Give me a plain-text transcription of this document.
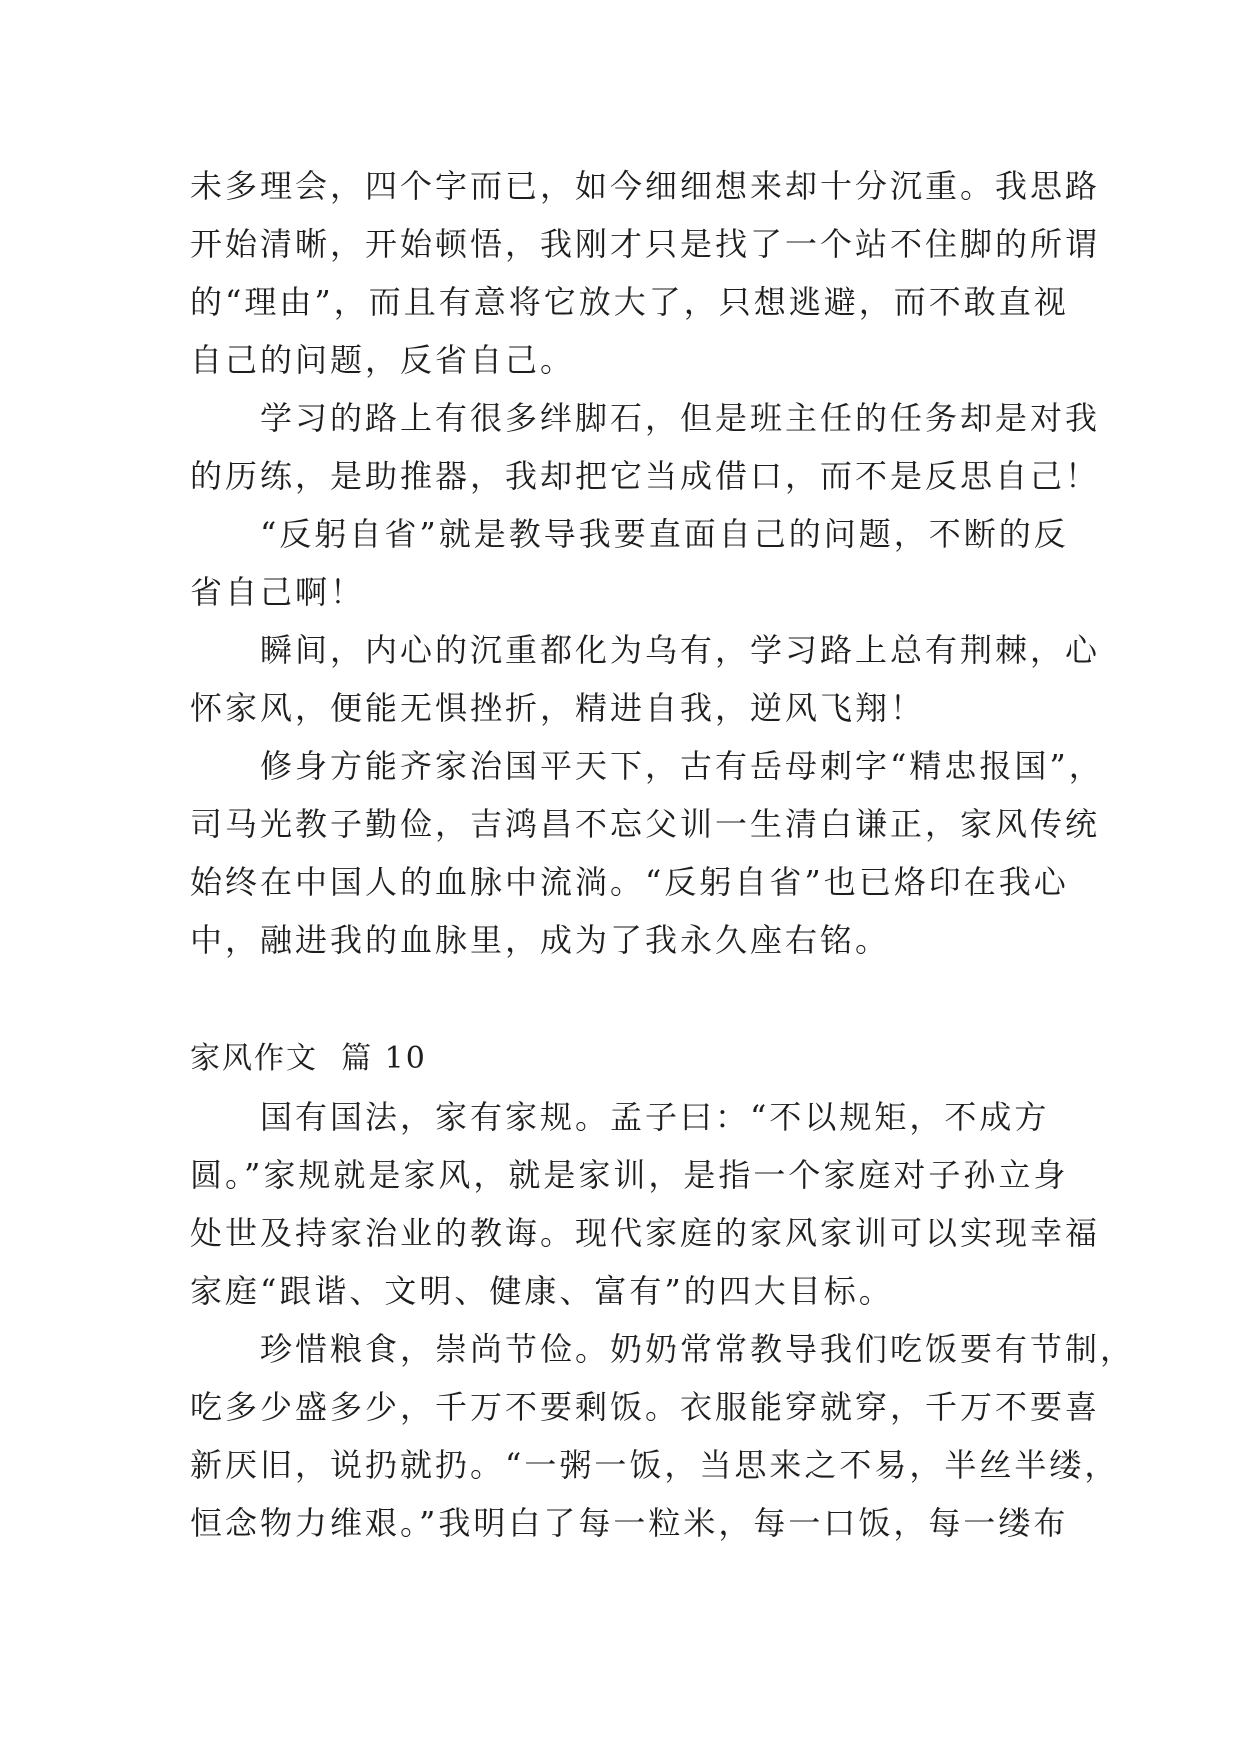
未多理会，四个字而已，如今细细想来却十分沉重。我思路
开始清晰，开始顿悟，我刚才只是找了一个站不住脚的所谓
的“理由”，而且有意将它放大了，只想逃避，而不敢直视
自己的问题，反省自己。
　　学习的路上有很多绊脚石，但是班主任的任务却是对我
的历练，是助推器，我却把它当成借口，而不是反思自己！
　　“反躬自省”就是教导我要直面自己的问题，不断的反
省自己啊！
　　瞬间，内心的沉重都化为乌有，学习路上总有荆棘，心
怀家风，便能无惧挫折，精进自我，逆风飞翔！
　　修身方能齐家治国平天下，古有岳母刺字“精忠报国”，
司马光教子勤俭，吉鸿昌不忘父训一生清白谦正，家风传统
始终在中国人的血脉中流淌。“反躬自省”也已烙印在我心
中，融进我的血脉里，成为了我永久座右铭。
家风作文  篇 10
　　国有国法，家有家规。孟子曰：“不以规矩，不成方
圆。”家规就是家风，就是家训，是指一个家庭对子孙立身
处世及持家治业的教诲。现代家庭的家风家训可以实现幸福
家庭“跟谐、文明、健康、富有”的四大目标。
　　珍惜粮食，崇尚节俭。奶奶常常教导我们吃饭要有节制，
吃多少盛多少，千万不要剩饭。衣服能穿就穿，千万不要喜
新厌旧，说扔就扔。“一粥一饭，当思来之不易，半丝半缕，
恒念物力维艰。”我明白了每一粒米，每一口饭，每一缕布
